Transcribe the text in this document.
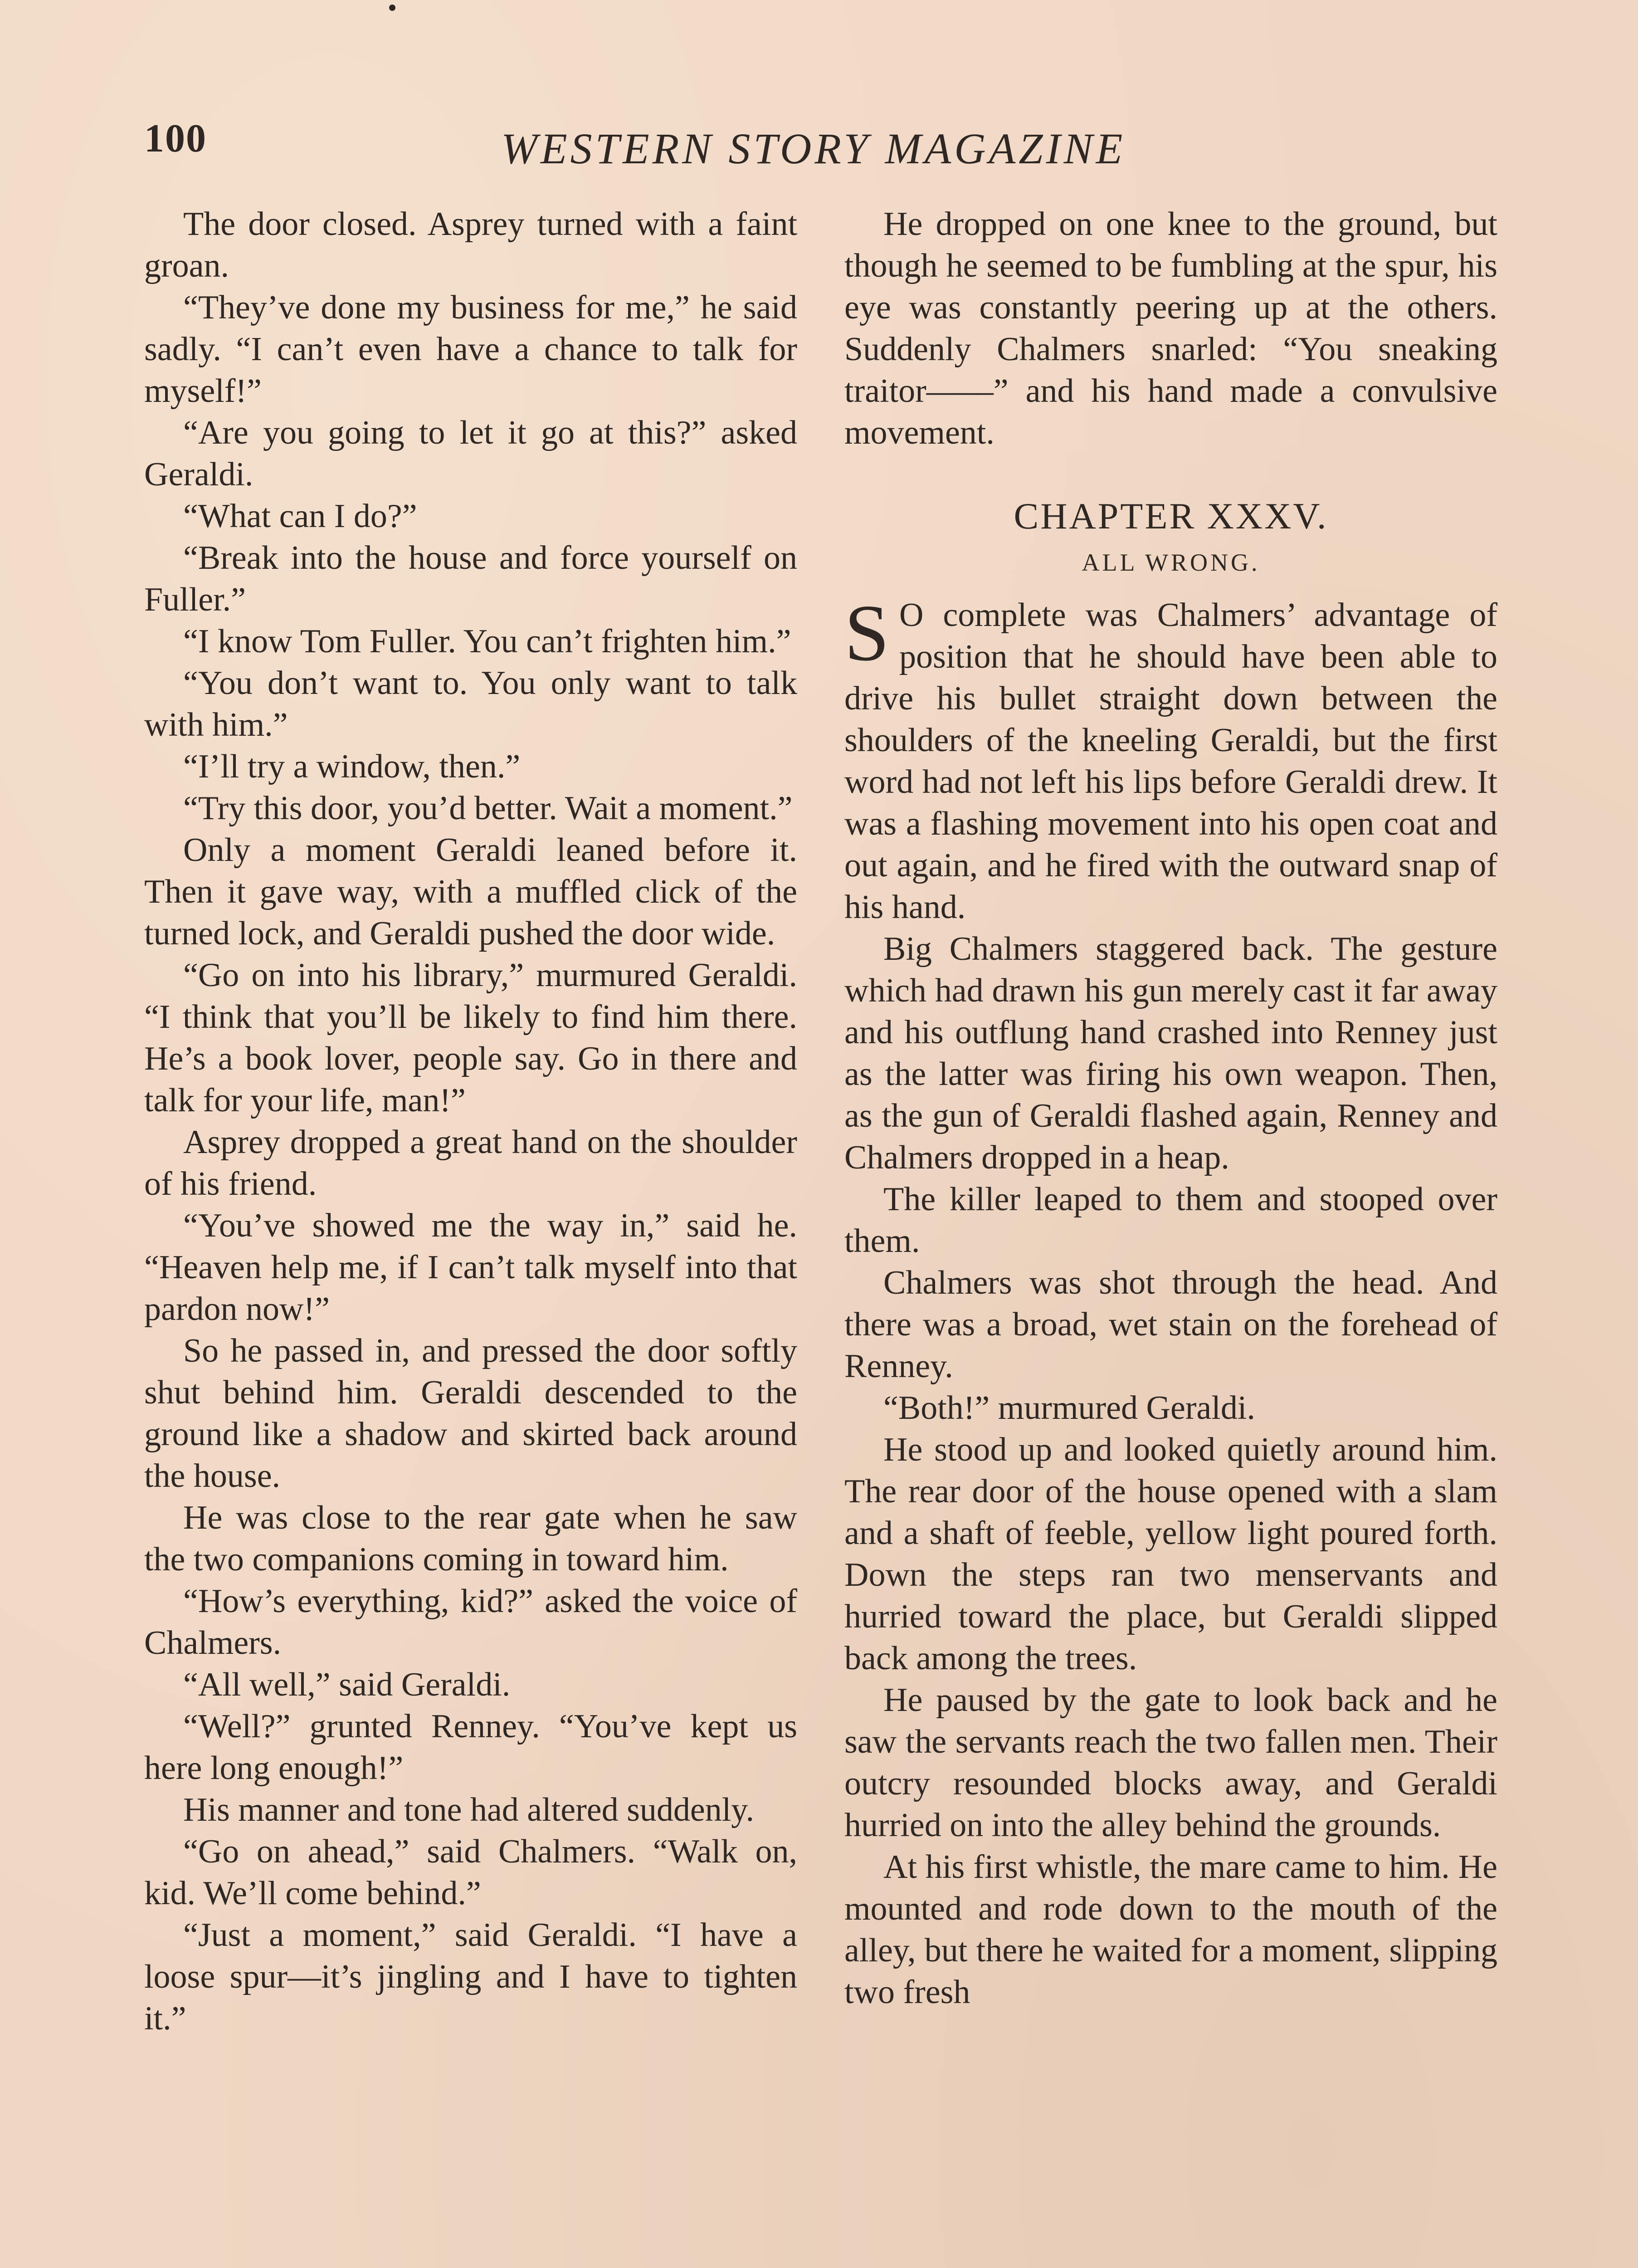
100	WESTERN STORY MAGAZINE

The door closed. Asprey turned with a faint groan.

“They’ve done my business for me,” he said sadly. “I can’t even have a chance to talk for myself!”

“Are you going to let it go at this?” asked Geraldi.

“What can I do?”

“Break into the house and force yourself on Fuller.”

“I know Tom Fuller. You can’t frighten him.”

“You don’t want to. You only want to talk with him.”

“I’ll try a window, then.”

“Try this door, you’d better. Wait a moment.”

Only a moment Geraldi leaned before it. Then it gave way, with a muffled click of the turned lock, and Geraldi pushed the door wide.

“Go on into his library,” murmured Geraldi. “I think that you’ll be likely to find him there. He’s a book lover, people say. Go in there and talk for your life, man!”

Asprey dropped a great hand on the shoulder of his friend.

“You’ve showed me the way in,” said he. “Heaven help me, if I can’t talk myself into that pardon now!”

So he passed in, and pressed the door softly shut behind him. Geraldi descended to the ground like a shadow and skirted back around the house.

He was close to the rear gate when he saw the two companions coming in toward him.

“How’s everything, kid?” asked the voice of Chalmers.

“All well,” said Geraldi.

“Well?” grunted Renney. “You’ve kept us here long enough!”

His manner and tone had altered suddenly.

“Go on ahead,” said Chalmers. “Walk on, kid. We’ll come behind.”

“Just a moment,” said Geraldi. “I have a loose spur—it’s jingling and I have to tighten it.”

He dropped on one knee to the ground, but though he seemed to be fumbling at the spur, his eye was constantly peering up at the others. Suddenly Chalmers snarled: “You sneaking traitor——” and his hand made a convulsive movement.

CHAPTER XXXV.
ALL WRONG.

S O complete was Chalmers’ advantage of position that he should have been able to drive his bullet straight down between the shoulders of the kneeling Geraldi, but the first word had not left his lips before Geraldi drew. It was a flashing movement into his open coat and out again, and he fired with the outward snap of his hand.

Big Chalmers staggered back. The gesture which had drawn his gun merely cast it far away and his outflung hand crashed into Renney just as the latter was firing his own weapon. Then, as the gun of Geraldi flashed again, Renney and Chalmers dropped in a heap.

The killer leaped to them and stooped over them.

Chalmers was shot through the head. And there was a broad, wet stain on the forehead of Renney.

“Both!” murmured Geraldi.

He stood up and looked quietly around him. The rear door of the house opened with a slam and a shaft of feeble, yellow light poured forth. Down the steps ran two menservants and hurried toward the place, but Geraldi slipped back among the trees.

He paused by the gate to look back and he saw the servants reach the two fallen men. Their outcry resounded blocks away, and Geraldi hurried on into the alley behind the grounds.

At his first whistle, the mare came to him. He mounted and rode down to the mouth of the alley, but there he waited for a moment, slipping two fresh
